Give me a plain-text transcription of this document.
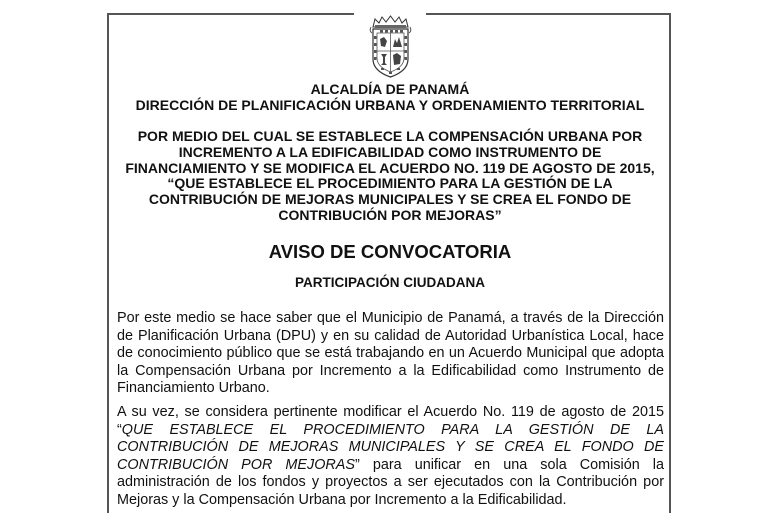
ALCALDÍA DE PANAMÁ
DIRECCIÓN DE PLANIFICACIÓN URBANA Y ORDENAMIENTO TERRITORIAL
POR MEDIO DEL CUAL SE ESTABLECE LA COMPENSACIÓN URBANA POR
INCREMENTO A LA EDIFICABILIDAD COMO INSTRUMENTO DE
FINANCIAMIENTO Y SE MODIFICA EL ACUERDO NO. 119 DE AGOSTO DE 2015,
“QUE ESTABLECE EL PROCEDIMIENTO PARA LA GESTIÓN DE LA
CONTRIBUCIÓN DE MEJORAS MUNICIPALES Y SE CREA EL FONDO DE
CONTRIBUCIÓN POR MEJORAS”
AVISO DE CONVOCATORIA
PARTICIPACIÓN CIUDADANA

Por este medio se hace saber que el Municipio de Panamá, a través de la Dirección de Planificación Urbana (DPU) y en su calidad de Autoridad Urbanística Local, hace de conocimiento público que se está trabajando en un Acuerdo Municipal que adopta la Compensación Urbana por Incremento a la Edificabilidad como Instrumento de Financiamiento Urbano.

A su vez, se considera pertinente modificar el Acuerdo No. 119 de agosto de 2015 “QUE ESTABLECE EL PROCEDIMIENTO PARA LA GESTIÓN DE LA CONTRIBUCIÓN DE MEJORAS MUNICIPALES Y SE CREA EL FONDO DE CONTRIBUCIÓN POR MEJORAS” para unificar en una sola Comisión la administración de los fondos y proyectos a ser ejecutados con la Contribución por Mejoras y la Compensación Urbana por Incremento a la Edificabilidad.
